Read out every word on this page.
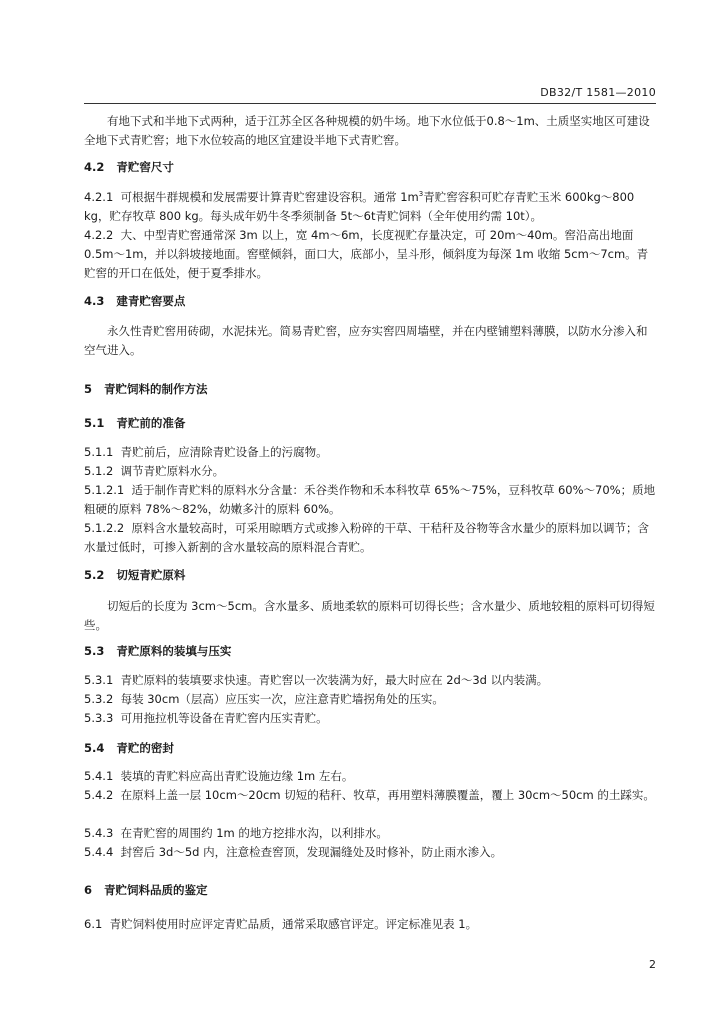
DB32/T 1581—2010
有地下式和半地下式两种，适于江苏全区各种规模的奶牛场。地下水位低于0.8～1m、土质坚实地区可建设全地下式青贮窖；地下水位较高的地区宜建设半地下式青贮窖。
4.2 青贮窖尺寸
4.2.1 可根据牛群规模和发展需要计算青贮窖建设容积。通常 $1m^3$青贮窖容积可贮存青贮玉米 600kg～800 kg，贮存牧草 800 kg。每头成年奶牛冬季须制备 5t～6t青贮饲料（全年使用约需 10t）。
4.2.2 大、中型青贮窖通常深 3m 以上，宽 4m～6m，长度视贮存量决定，可 20m～40m。窖沿高出地面 0.5m～1m，并以斜坡接地面。窖壁倾斜，面口大，底部小，呈斗形，倾斜度为每深 1m 收缩 5cm～7cm。青贮窖的开口在低处，便于夏季排水。
4.3 建青贮窖要点
永久性青贮窖用砖砌，水泥抹光。简易青贮窖，应夯实窖四周墙壁，并在内壁铺塑料薄膜，以防水分渗入和空气进入。
5 青贮饲料的制作方法
5.1 青贮前的准备
5.1.1 青贮前后，应清除青贮设备上的污腐物。
5.1.2 调节青贮原料水分。
5.1.2.1 适于制作青贮料的原料水分含量：禾谷类作物和禾本科牧草 65%～75%，豆科牧草 60%～70%；质地粗硬的原料 78%～82%，幼嫩多汁的原料 60%。
5.1.2.2 原料含水量较高时，可采用晾晒方式或掺入粉碎的干草、干秸秆及谷物等含水量少的原料加以调节；含水量过低时，可掺入新割的含水量较高的原料混合青贮。
5.2 切短青贮原料
切短后的长度为 3cm～5cm。含水量多、质地柔软的原料可切得长些；含水量少、质地较粗的原料可切得短些。
5.3 青贮原料的装填与压实
5.3.1 青贮原料的装填要求快速。青贮窖以一次装满为好，最大时应在 2d～3d 以内装满。
5.3.2 每装 30cm（层高）应压实一次，应注意青贮墙拐角处的压实。
5.3.3 可用拖拉机等设备在青贮窖内压实青贮。
5.4 青贮的密封
5.4.1 装填的青贮料应高出青贮设施边缘 1m 左右。
5.4.2 在原料上盖一层 10cm～20cm 切短的秸秆、牧草，再用塑料薄膜覆盖，覆上 30cm～50cm 的土踩实。
5.4.3 在青贮窖的周围约 1m 的地方挖排水沟，以利排水。
5.4.4 封窖后 3d～5d 内，注意检查窖顶，发现漏缝处及时修补，防止雨水渗入。
6 青贮饲料品质的鉴定
6.1 青贮饲料使用时应评定青贮品质，通常采取感官评定。评定标准见表 1。
2
